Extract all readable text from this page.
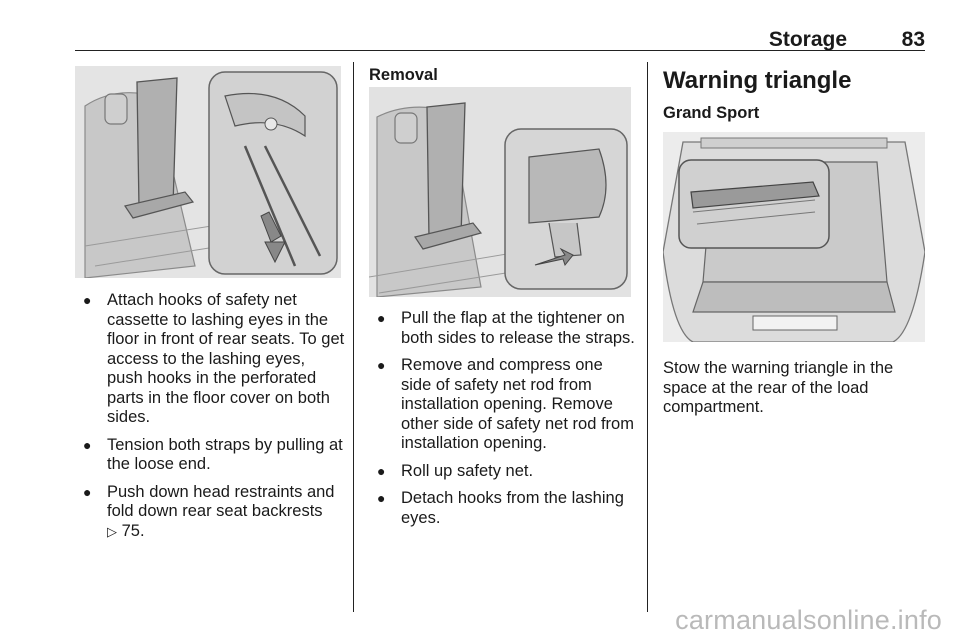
Storage	83
● Attach hooks of safety net cassette to lashing eyes in the floor in front of rear seats. To get access to the lashing eyes, push hooks in the perforated parts in the floor cover on both sides.
● Tension both straps by pulling at the loose end.
● Push down head restraints and fold down rear seat backrests
▷ 75.
Removal
● Pull the flap at the tightener on both sides to release the straps.
● Remove and compress one side of safety net rod from installation opening. Remove other side of safety net rod from installation opening.
● Roll up safety net.
● Detach hooks from the lashing eyes.
Warning triangle
Grand Sport
Stow the warning triangle in the space at the rear of the load compartment.
carmanualsonline.info
